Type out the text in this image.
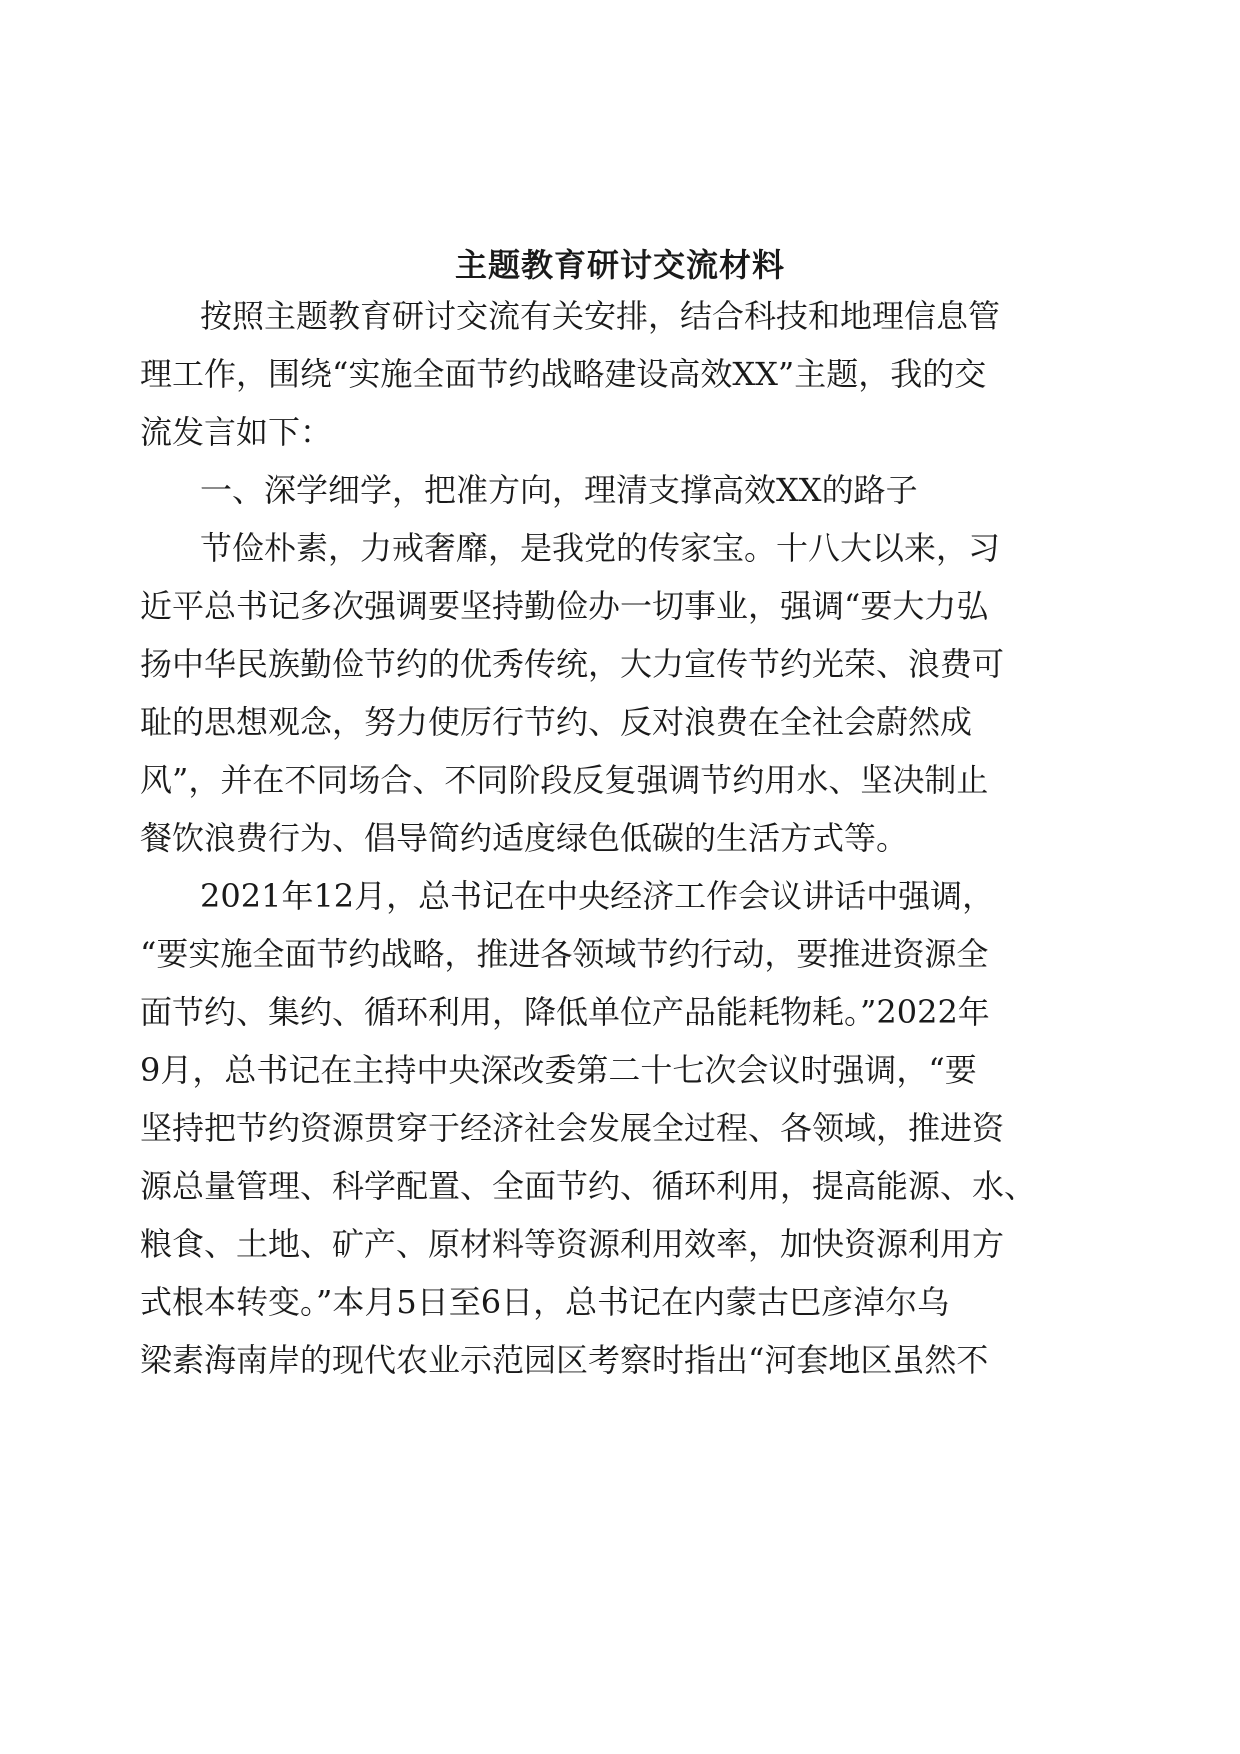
主题教育研讨交流材料

按照主题教育研讨交流有关安排，结合科技和地理信息管

理工作，围绕“实施全面节约战略建设高效XX”主题，我的交

流发言如下：

一、深学细学，把准方向，理清支撑高效XX的路子

节俭朴素，力戒奢靡，是我党的传家宝。十八大以来，习

近平总书记多次强调要坚持勤俭办一切事业，强调“要大力弘

扬中华民族勤俭节约的优秀传统，大力宣传节约光荣、浪费可

耻的思想观念，努力使厉行节约、反对浪费在全社会蔚然成

风”，并在不同场合、不同阶段反复强调节约用水、坚决制止

餐饮浪费行为、倡导简约适度绿色低碳的生活方式等。

2021年12月，总书记在中央经济工作会议讲话中强调，

“要实施全面节约战略，推进各领域节约行动，要推进资源全

面节约、集约、循环利用，降低单位产品能耗物耗。”2022年

9月，总书记在主持中央深改委第二十七次会议时强调，“要

坚持把节约资源贯穿于经济社会发展全过程、各领域，推进资

源总量管理、科学配置、全面节约、循环利用，提高能源、水、

粮食、土地、矿产、原材料等资源利用效率，加快资源利用方

式根本转变。”本月5日至6日，总书记在内蒙古巴彦淖尔乌

梁素海南岸的现代农业示范园区考察时指出“河套地区虽然不
